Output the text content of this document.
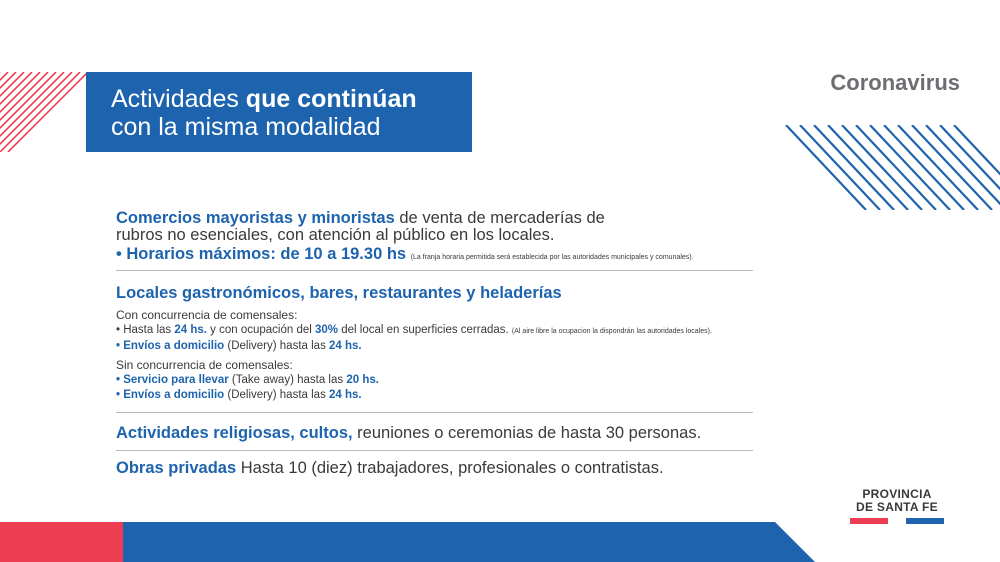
Actividades que continúan
con la misma modalidad
Coronavirus
Comercios mayoristas y minoristas de venta de mercaderías de
rubros no esenciales, con atención al público en los locales.
• Horarios máximos: de 10 a 19.30 hs (La franja horaria permitida será establecida por las autoridades municipales y comunales).
Locales gastronómicos, bares, restaurantes y heladerías
Con concurrencia de comensales:
• Hasta las 24 hs. y con ocupación del 30% del local en superficies cerradas. (Al aire libre la ocupacion la dispondrán las autoridades locales).
• Envíos a domicilio (Delivery) hasta las 24 hs.
Sin concurrencia de comensales:
• Servicio para llevar (Take away) hasta las 20 hs.
• Envíos a domicilio (Delivery) hasta las 24 hs.
Actividades religiosas, cultos, reuniones o ceremonias de hasta 30 personas.
Obras privadas Hasta 10 (diez) trabajadores, profesionales o contratistas.
PROVINCIA
DE SANTA FE
